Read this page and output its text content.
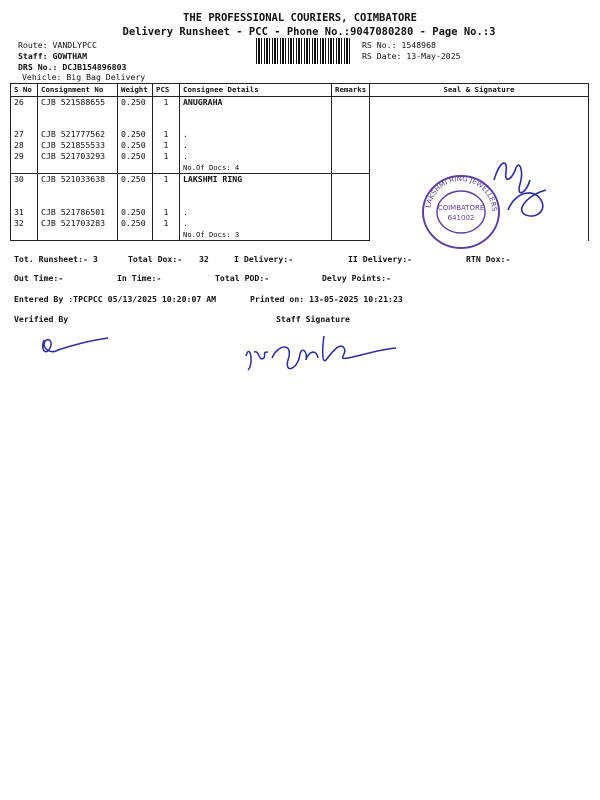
THE PROFESSIONAL COURIERS, COIMBATORE
Delivery Runsheet - PCC - Phone No.:9047080280 - Page No.:3
Route: VANDLYPCC
Staff: GOWTHAM
DRS No.: DCJB154896803
Vehicle: Big Bag Delivery
RS No.: 1548968
RS Date: 13-May-2025
S No	Consignment No	Weight	PCS	Consignee Details	Remarks	Seal & Signature
26	CJB 521588655	0.250	1	ANUGRAHA		

27	CJB 521777562	0.250	1	.		
28	CJB 521855533	0.250	1	.		
29	CJB 521703293	0.250	1	.		
				No.Of Docs: 4		
30	CJB 521033638	0.250	1	LAKSHMI RING		

31	CJB 521786501	0.250	1	.		
32	CJB 521703283	0.250	1	.		
				No.Of Docs: 3		
LAKSHMI RING JEWELLERS
COIMBATORE
641002
Tot. Runsheet:- 3	Total Dox:- 32	I Delivery:-	II Delivery:-	RTN Dox:-
Out Time:-	In Time:-	Total POD:-	Delvy Points:-
Entered By :TPCPCC 05/13/2025 10:20:07 AM	Printed on: 13-05-2025 10:21:23
Verified By	Staff Signature
